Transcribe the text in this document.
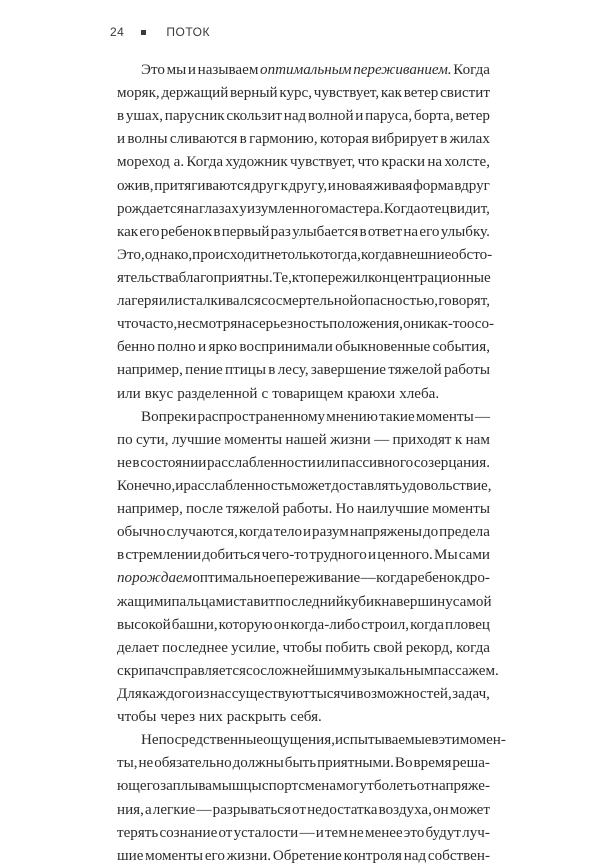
24	ПОТОК
Это мы и называем оптимальным переживанием. Когда
моряк, держащий верный курс, чувствует, как ветер свистит
в ушах, парусник скользит над волной и паруса, борта, ветер
и волны сливаются в гармонию, которая вибрирует в жилах
мореход а. Когда художник чувствует, что краски на холсте,
ожив, притягиваются друг к другу, и новая живая форма вдруг
рождается на глазах у изумленного мастера. Когда отец видит,
как его ребенок в первый раз улыбается в ответ на его улыбку.
Это, однако, происходит не только тогда, когда внешние обсто-
ятельства благоприятны. Те, кто пережил концентрационные
лагеря или сталкивался со смертельной опасностью, говорят,
что часто, несмотря на серьезность положения, они как-то осо-
бенно полно и ярко воспринимали обыкновенные события,
например, пение птицы в лесу, завершение тяжелой работы
или вкус разделенной с товарищем краюхи хлеба.
Вопреки распространенному мнению такие моменты —
по сути, лучшие моменты нашей жизни — приходят к нам
не в состоянии расслабленности или пассивного созерцания.
Конечно, и расслабленность может доставлять удовольствие,
например, после тяжелой работы. Но наилучшие моменты
обычно случаются, когда тело и разум напряжены до предела
в стремлении добиться чего-то трудного и ценного. Мы сами
порождаем оптимальное переживание — когда ребенок дро-
жащими пальцами ставит последний кубик на вершину самой
высокой башни, которую он когда-либо строил, когда пловец
делает последнее усилие, чтобы побить свой рекорд, когда
скрипач справляется со сложнейшим музыкальным пассажем.
Для каждого из нас существуют тысячи возможностей, задач,
чтобы через них раскрыть себя.
Непосредственные ощущения, испытываемые в эти момен-
ты, не обязательно должны быть приятными. Во время реша-
ющего заплыва мышцы спортсмена могут болеть от напряже-
ния, а легкие — разрываться от недостатка воздуха, он может
терять сознание от усталости — и тем не менее это будут луч-
шие моменты его жизни. Обретение контроля над собствен-
